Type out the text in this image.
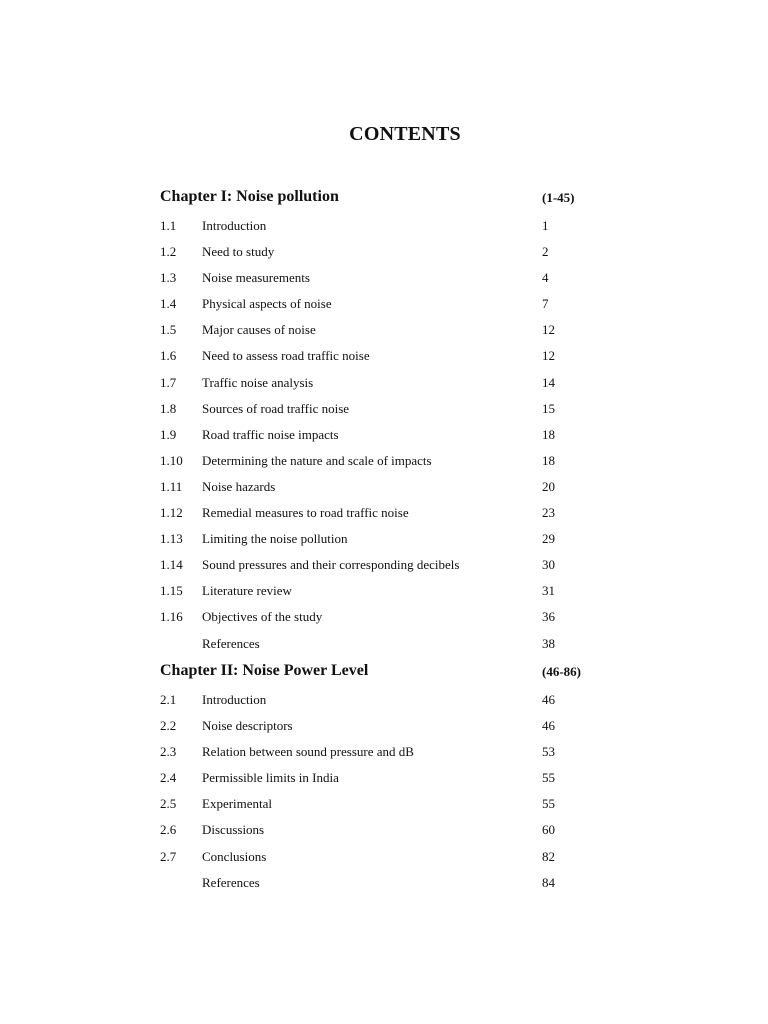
CONTENTS
Chapter I: Noise pollution	(1-45)
1.1 Introduction	1
1.2 Need to study	2
1.3 Noise measurements	4
1.4 Physical aspects of noise	7
1.5 Major causes of noise	12
1.6 Need to assess road traffic noise	12
1.7 Traffic noise analysis	14
1.8 Sources of road traffic noise	15
1.9 Road traffic noise impacts	18
1.10 Determining the nature and scale of impacts	18
1.11 Noise hazards	20
1.12 Remedial measures to road traffic noise	23
1.13 Limiting the noise pollution	29
1.14 Sound pressures and their corresponding decibels	30
1.15 Literature review	31
1.16 Objectives of the study	36
References	38
Chapter II: Noise Power Level	(46-86)
2.1 Introduction	46
2.2 Noise descriptors	46
2.3 Relation between sound pressure and dB	53
2.4 Permissible limits in India	55
2.5 Experimental	55
2.6 Discussions	60
2.7 Conclusions	82
References	84
